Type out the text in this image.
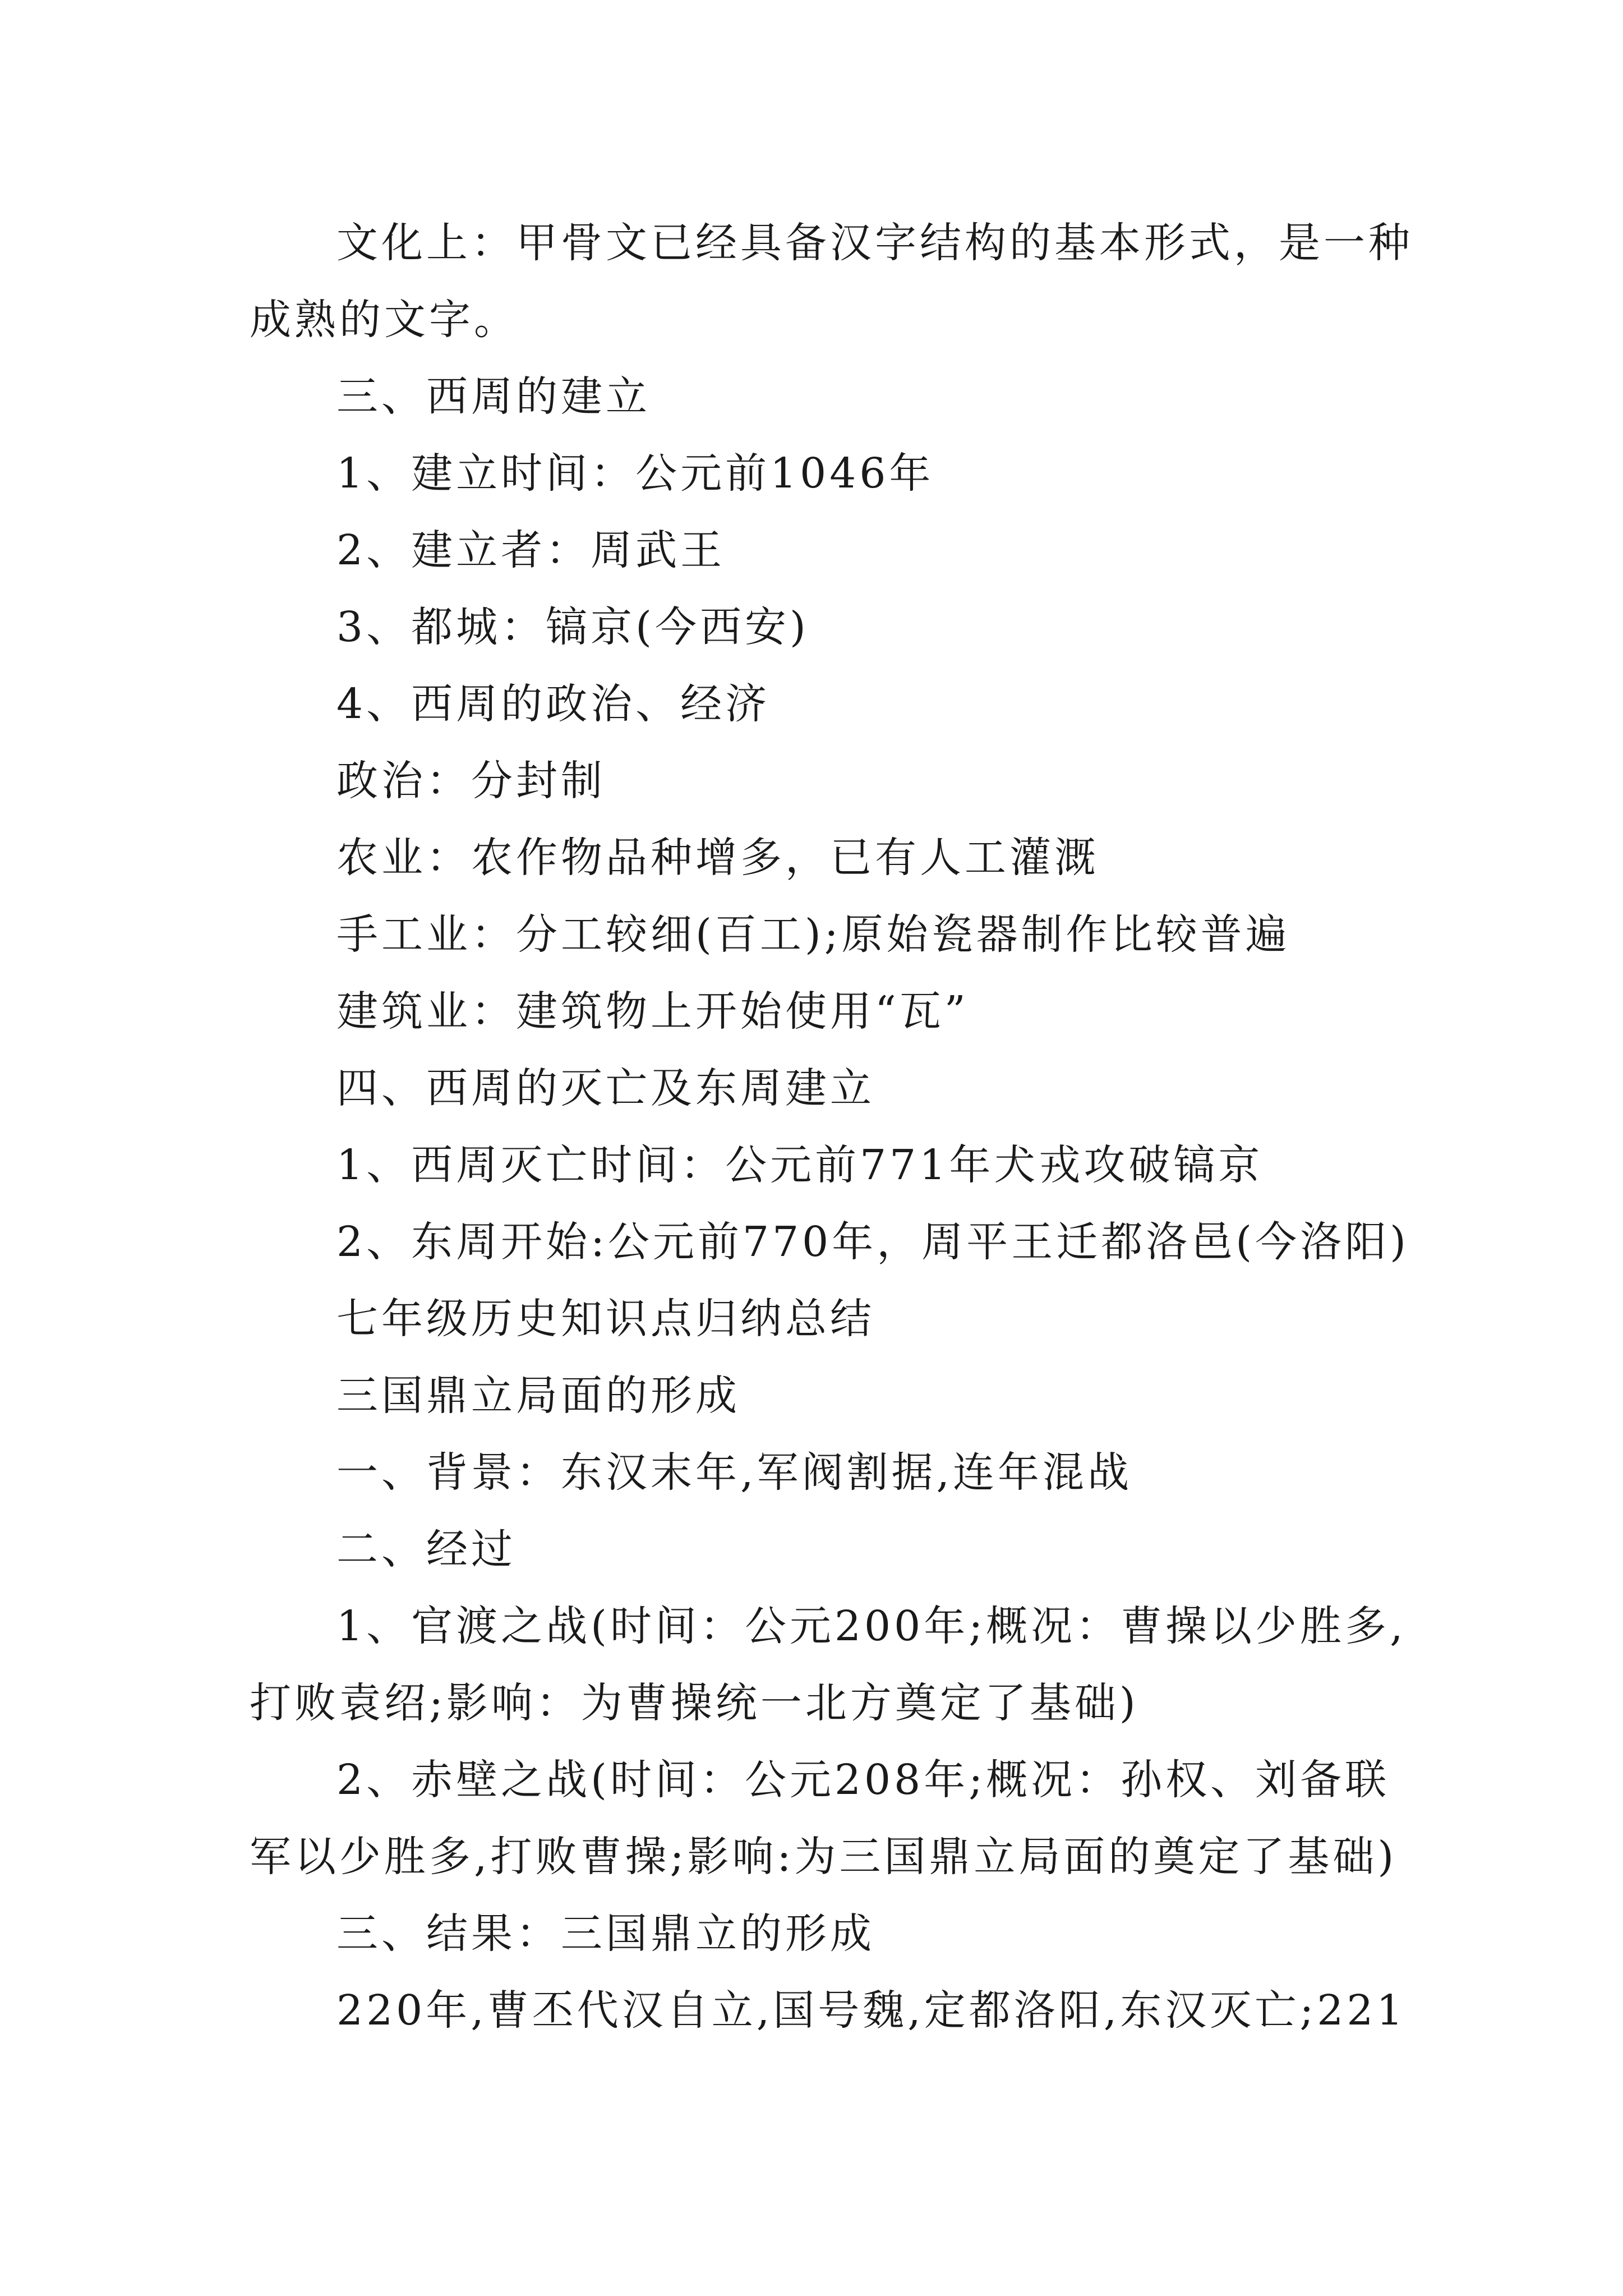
文化上：甲骨文已经具备汉字结构的基本形式，是一种
成熟的文字。
三、西周的建立
1、建立时间：公元前1046年
2、建立者：周武王
3、都城：镐京(今西安)
4、西周的政治、经济
政治：分封制
农业：农作物品种增多，已有人工灌溉
手工业：分工较细(百工);原始瓷器制作比较普遍
建筑业：建筑物上开始使用“瓦”
四、西周的灭亡及东周建立
1、西周灭亡时间：公元前771年犬戎攻破镐京
2、东周开始:公元前770年，周平王迁都洛邑(今洛阳)
七年级历史知识点归纳总结
三国鼎立局面的形成
一、背景：东汉末年,军阀割据,连年混战
二、经过
1、官渡之战(时间：公元200年;概况：曹操以少胜多,
打败袁绍;影响：为曹操统一北方奠定了基础)
2、赤壁之战(时间：公元208年;概况：孙权、刘备联
军以少胜多,打败曹操;影响:为三国鼎立局面的奠定了基础)
三、结果：三国鼎立的形成
220年,曹丕代汉自立,国号魏,定都洛阳,东汉灭亡;221
